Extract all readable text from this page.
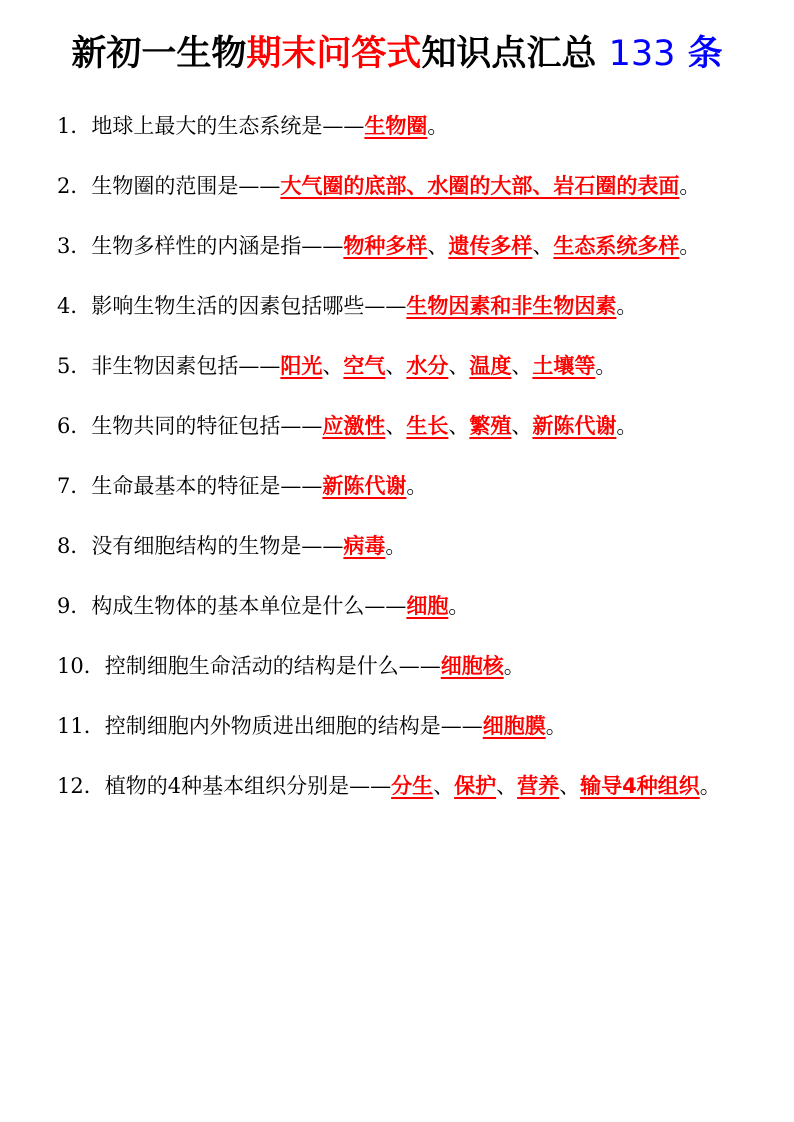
新初一生物期末问答式知识点汇总 133 条
1．地球上最大的生态系统是——生物圈。
2．生物圈的范围是——大气圈的底部、水圈的大部、岩石圈的表面。
3．生物多样性的内涵是指——物种多样、遗传多样、生态系统多样。
4．影响生物生活的因素包括哪些——生物因素和非生物因素。
5．非生物因素包括——阳光、空气、水分、温度、土壤等。
6．生物共同的特征包括——应激性、生长、繁殖、新陈代谢。
7．生命最基本的特征是——新陈代谢。
8．没有细胞结构的生物是——病毒。
9．构成生物体的基本单位是什么——细胞。
10．控制细胞生命活动的结构是什么——细胞核。
11．控制细胞内外物质进出细胞的结构是——细胞膜。
12．植物的4种基本组织分别是——分生、保护、营养、输导4种组织。
